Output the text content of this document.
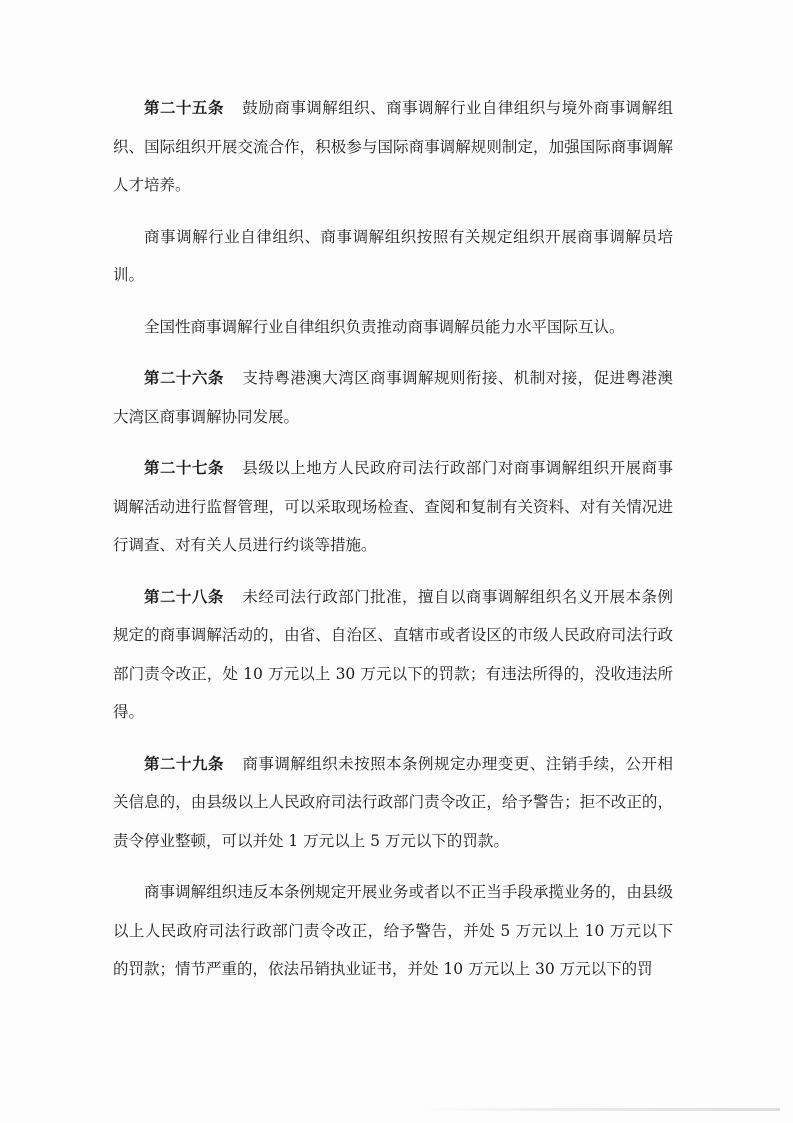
第二十五条 鼓励商事调解组织、商事调解行业自律组织与境外商事调解组织、国际组织开展交流合作，积极参与国际商事调解规则制定，加强国际商事调解人才培养。

商事调解行业自律组织、商事调解组织按照有关规定组织开展商事调解员培训。

全国性商事调解行业自律组织负责推动商事调解员能力水平国际互认。

第二十六条 支持粤港澳大湾区商事调解规则衔接、机制对接，促进粤港澳大湾区商事调解协同发展。

第二十七条 县级以上地方人民政府司法行政部门对商事调解组织开展商事调解活动进行监督管理，可以采取现场检查、查阅和复制有关资料、对有关情况进行调查、对有关人员进行约谈等措施。

第二十八条 未经司法行政部门批准，擅自以商事调解组织名义开展本条例规定的商事调解活动的，由省、自治区、直辖市或者设区的市级人民政府司法行政部门责令改正，处 10 万元以上 30 万元以下的罚款；有违法所得的，没收违法所得。

第二十九条 商事调解组织未按照本条例规定办理变更、注销手续，公开相关信息的，由县级以上人民政府司法行政部门责令改正，给予警告；拒不改正的，责令停业整顿，可以并处 1 万元以上 5 万元以下的罚款。

商事调解组织违反本条例规定开展业务或者以不正当手段承揽业务的，由县级以上人民政府司法行政部门责令改正，给予警告，并处 5 万元以上 10 万元以下的罚款；情节严重的，依法吊销执业证书，并处 10 万元以上 30 万元以下的罚
